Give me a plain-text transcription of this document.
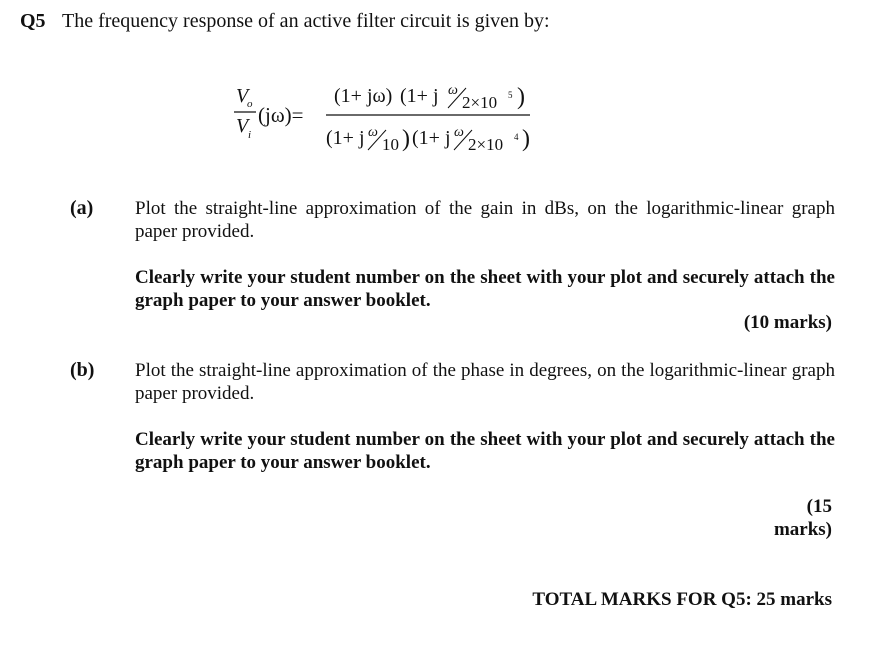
Q5 The frequency response of an active filter circuit is given by:
V
o
V i
(jω)=
(1+ jω) (1+ j ω
2×10 5 )
(1+ j ω
10 ) (1+ j ω
2×10 4 )
(a) Plot the straight-line approximation of the gain in dBs, on the logarithmic-linear graph paper provided.
Clearly write your student number on the sheet with your plot and securely attach the graph paper to your answer booklet.
(10 marks)
(b) Plot the straight-line approximation of the phase in degrees, on the logarithmic-linear graph paper provided.
Clearly write your student number on the sheet with your plot and securely attach the graph paper to your answer booklet.
(15
marks)
TOTAL MARKS FOR Q5: 25 marks
